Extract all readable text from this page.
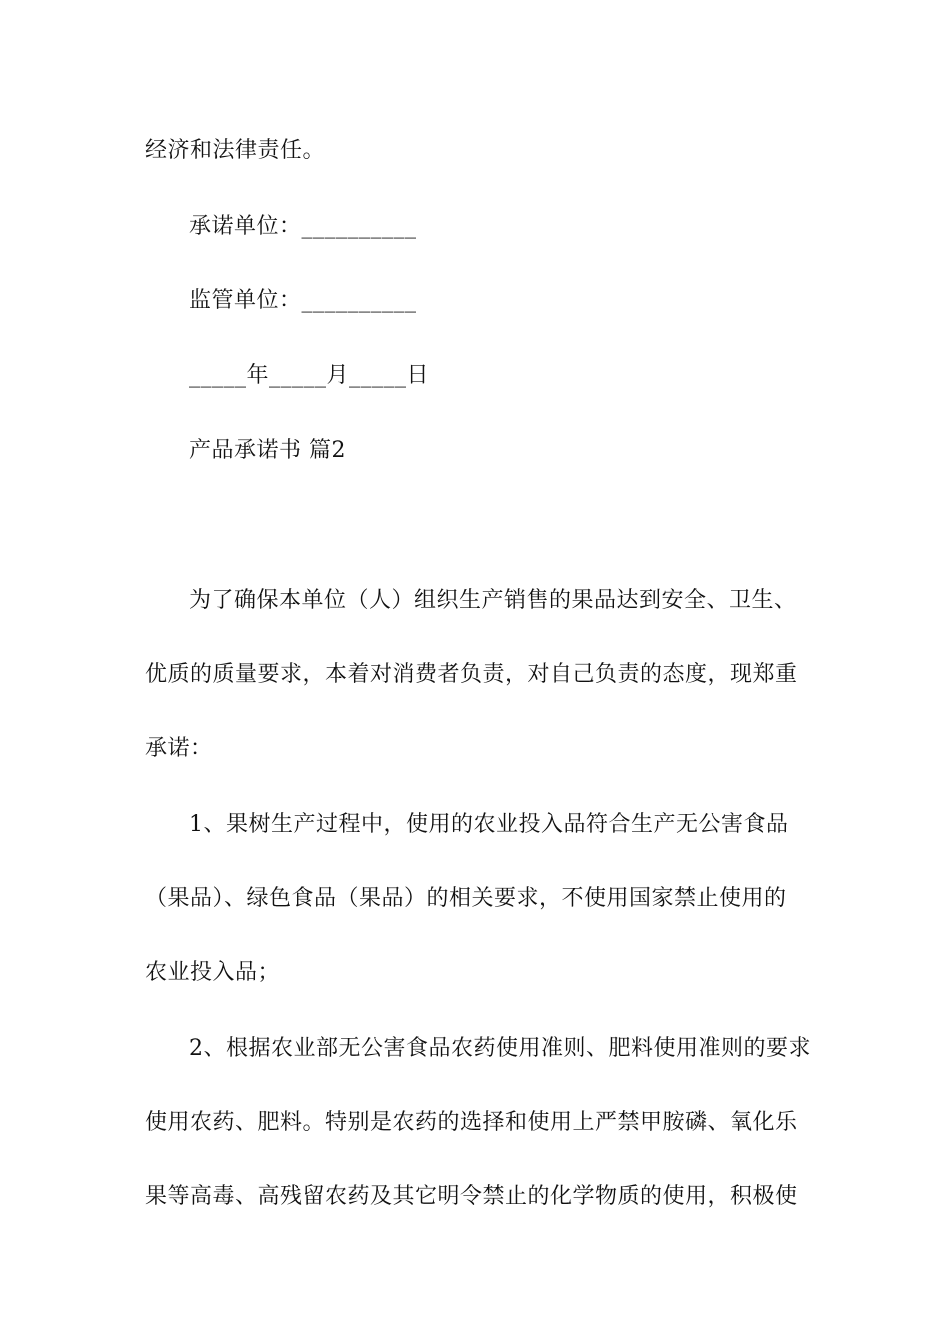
经济和法律责任。
承诺单位：__________
监管单位：__________
_____年_____月_____日
产品承诺书 篇2
为了确保本单位（人）组织生产销售的果品达到安全、卫生、
优质的质量要求，本着对消费者负责，对自己负责的态度，现郑重
承诺：
1、果树生产过程中，使用的农业投入品符合生产无公害食品
（果品）、绿色食品（果品）的相关要求，不使用国家禁止使用的
农业投入品；
2、根据农业部无公害食品农药使用准则、肥料使用准则的要求
使用农药、肥料。特别是农药的选择和使用上严禁甲胺磷、氧化乐
果等高毒、高残留农药及其它明令禁止的化学物质的使用，积极使
